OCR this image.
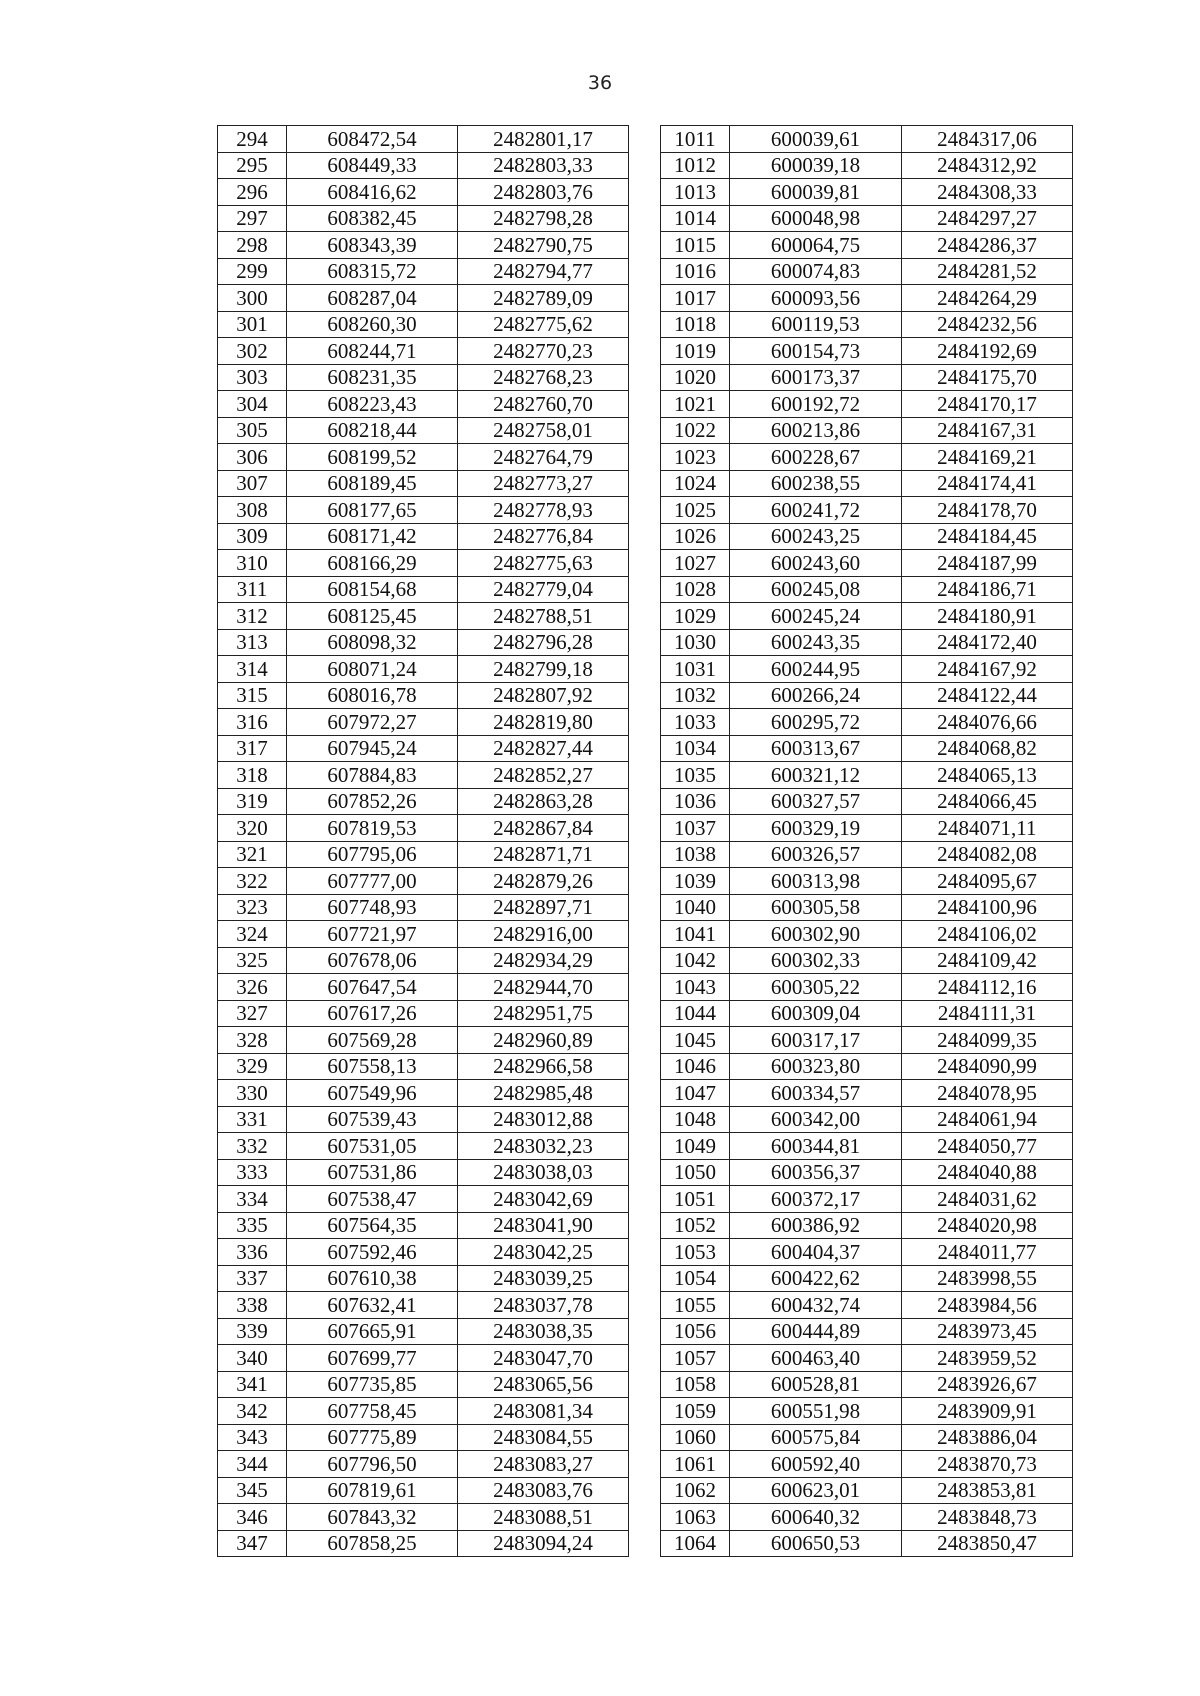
36
294	608472,54	2482801,17		1011	600039,61	2484317,06
295	608449,33	2482803,33		1012	600039,18	2484312,92
296	608416,62	2482803,76		1013	600039,81	2484308,33
297	608382,45	2482798,28		1014	600048,98	2484297,27
298	608343,39	2482790,75		1015	600064,75	2484286,37
299	608315,72	2482794,77		1016	600074,83	2484281,52
300	608287,04	2482789,09		1017	600093,56	2484264,29
301	608260,30	2482775,62		1018	600119,53	2484232,56
302	608244,71	2482770,23		1019	600154,73	2484192,69
303	608231,35	2482768,23		1020	600173,37	2484175,70
304	608223,43	2482760,70		1021	600192,72	2484170,17
305	608218,44	2482758,01		1022	600213,86	2484167,31
306	608199,52	2482764,79		1023	600228,67	2484169,21
307	608189,45	2482773,27		1024	600238,55	2484174,41
308	608177,65	2482778,93		1025	600241,72	2484178,70
309	608171,42	2482776,84		1026	600243,25	2484184,45
310	608166,29	2482775,63		1027	600243,60	2484187,99
311	608154,68	2482779,04		1028	600245,08	2484186,71
312	608125,45	2482788,51		1029	600245,24	2484180,91
313	608098,32	2482796,28		1030	600243,35	2484172,40
314	608071,24	2482799,18		1031	600244,95	2484167,92
315	608016,78	2482807,92		1032	600266,24	2484122,44
316	607972,27	2482819,80		1033	600295,72	2484076,66
317	607945,24	2482827,44		1034	600313,67	2484068,82
318	607884,83	2482852,27		1035	600321,12	2484065,13
319	607852,26	2482863,28		1036	600327,57	2484066,45
320	607819,53	2482867,84		1037	600329,19	2484071,11
321	607795,06	2482871,71		1038	600326,57	2484082,08
322	607777,00	2482879,26		1039	600313,98	2484095,67
323	607748,93	2482897,71		1040	600305,58	2484100,96
324	607721,97	2482916,00		1041	600302,90	2484106,02
325	607678,06	2482934,29		1042	600302,33	2484109,42
326	607647,54	2482944,70		1043	600305,22	2484112,16
327	607617,26	2482951,75		1044	600309,04	2484111,31
328	607569,28	2482960,89		1045	600317,17	2484099,35
329	607558,13	2482966,58		1046	600323,80	2484090,99
330	607549,96	2482985,48		1047	600334,57	2484078,95
331	607539,43	2483012,88		1048	600342,00	2484061,94
332	607531,05	2483032,23		1049	600344,81	2484050,77
333	607531,86	2483038,03		1050	600356,37	2484040,88
334	607538,47	2483042,69		1051	600372,17	2484031,62
335	607564,35	2483041,90		1052	600386,92	2484020,98
336	607592,46	2483042,25		1053	600404,37	2484011,77
337	607610,38	2483039,25		1054	600422,62	2483998,55
338	607632,41	2483037,78		1055	600432,74	2483984,56
339	607665,91	2483038,35		1056	600444,89	2483973,45
340	607699,77	2483047,70		1057	600463,40	2483959,52
341	607735,85	2483065,56		1058	600528,81	2483926,67
342	607758,45	2483081,34		1059	600551,98	2483909,91
343	607775,89	2483084,55		1060	600575,84	2483886,04
344	607796,50	2483083,27		1061	600592,40	2483870,73
345	607819,61	2483083,76		1062	600623,01	2483853,81
346	607843,32	2483088,51		1063	600640,32	2483848,73
347	607858,25	2483094,24		1064	600650,53	2483850,47
